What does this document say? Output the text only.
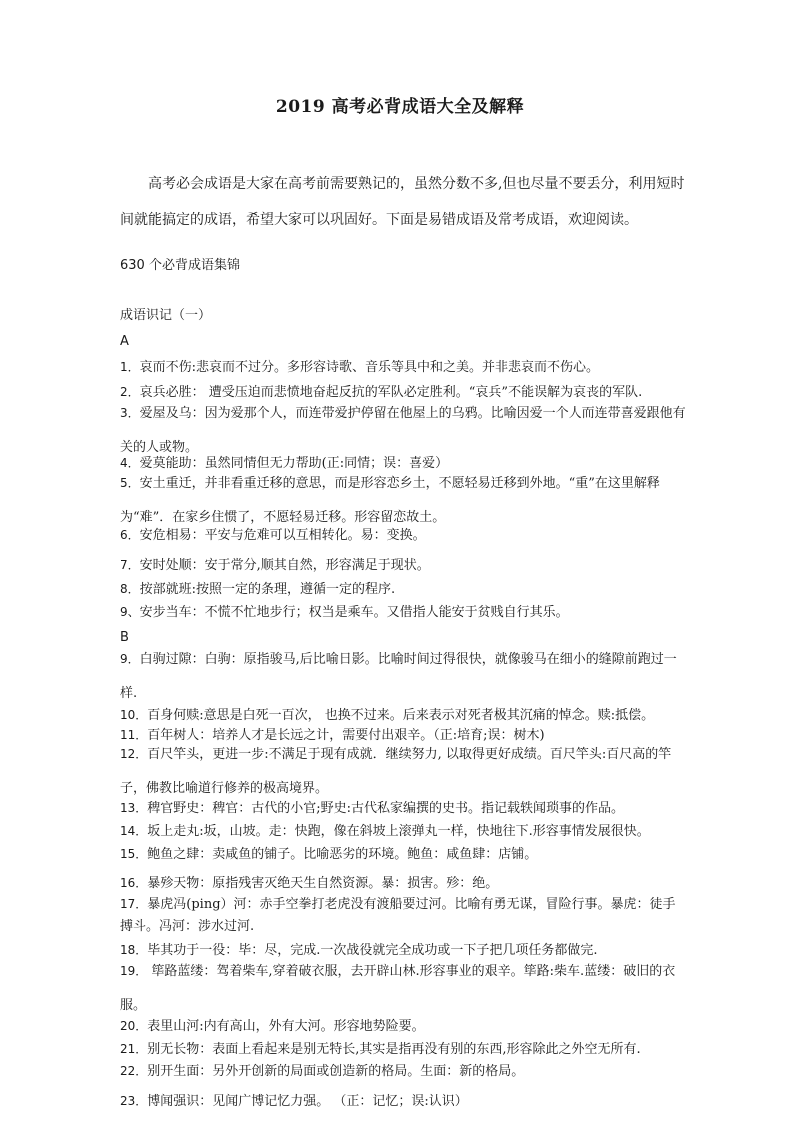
2019 高考必背成语大全及解释
高考必会成语是大家在高考前需要熟记的，虽然分数不多,但也尽量不要丢分，利用短时间就能搞定的成语，希望大家可以巩固好。下面是易错成语及常考成语，欢迎阅读。
630 个必背成语集锦
成语识记（一）
A
1．哀而不伤:悲哀而不过分。多形容诗歌、音乐等具中和之美。并非悲哀而不伤心。
2．哀兵必胜： 遭受压迫而悲愤地奋起反抗的军队必定胜利。“哀兵”不能误解为哀丧的军队.
3．爱屋及乌：因为爱那个人，而连带爱护停留在他屋上的乌鸦。比喻因爱一个人而连带喜爱跟他有关的人或物。
4．爱莫能助：虽然同情但无力帮助(正:同情；误：喜爱）
5．安土重迁，并非看重迁移的意思，而是形容恋乡土，不愿轻易迁移到外地。“重”在这里解释为“难”．在家乡住惯了，不愿轻易迁移。形容留恋故土。
6．安危相易：平安与危难可以互相转化。易：变换。
7．安时处顺：安于常分,顺其自然，形容满足于现状。
8．按部就班:按照一定的条理，遵循一定的程序.
9、安步当车：不慌不忙地步行；权当是乘车。又借指人能安于贫贱自行其乐。
B
9．白驹过隙：白驹：原指骏马,后比喻日影。比喻时间过得很快，就像骏马在细小的缝隙前跑过一样.
10．百身何赎:意思是白死一百次， 也换不过来。后来表示对死者极其沉痛的悼念。赎:抵偿。
11．百年树人：培养人才是长远之计，需要付出艰辛。（正:培育;误：树木)
12．百尺竿头，更进一步:不满足于现有成就．继续努力, 以取得更好成绩。百尺竿头:百尺高的竿子，佛教比喻道行修养的极高境界。
13．稗官野史：稗官：古代的小官;野史:古代私家编撰的史书。指记载轶闻琐事的作品。
14．坂上走丸:坂，山坡。走：快跑，像在斜坡上滚弹丸一样，快地往下.形容事情发展很快。
15．鲍鱼之肆：卖咸鱼的铺子。比喻恶劣的环境。鲍鱼：咸鱼肆：店铺。
16．暴殄天物：原指残害灭绝天生自然资源。暴：损害。殄：绝。
17．暴虎冯(ping）河：赤手空拳打老虎没有渡船要过河。比喻有勇无谋，冒险行事。暴虎：徒手搏斗。冯河：涉水过河.
18．毕其功于一役：毕：尽，完成.一次战役就完全成功或一下子把几项任务都做完.
19． 筚路蓝缕：驾着柴车,穿着破衣服，去开辟山林.形容事业的艰辛。筚路:柴车.蓝缕：破旧的衣服。
20．表里山河:内有高山，外有大河。形容地势险要。
21．别无长物：表面上看起来是别无特长,其实是指再没有别的东西,形容除此之外空无所有.
22．别开生面：另外开创新的局面或创造新的格局。生面：新的格局。
23．博闻强识：见闻广博记忆力强。 （正：记忆；误:认识）
